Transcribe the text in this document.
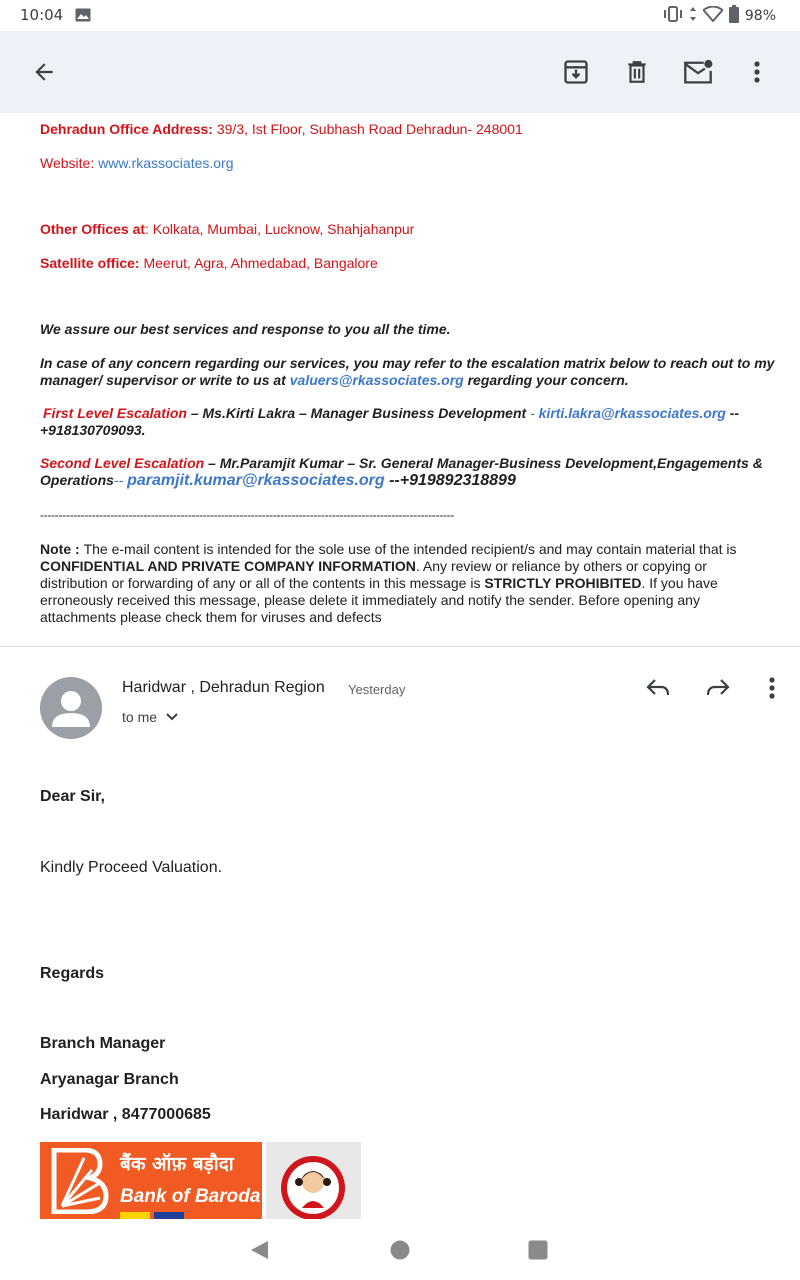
10:04	98%
Dehradun Office Address: 39/3, Ist Floor, Subhash Road Dehradun- 248001
Website: www.rkassociates.org
Other Offices at: Kolkata, Mumbai, Lucknow, Shahjahanpur
Satellite office: Meerut, Agra, Ahmedabad, Bangalore
We assure our best services and response to you all the time.
In case of any concern regarding our services, you may refer to the escalation matrix below to reach out to my
manager/ supervisor or write to us at valuers@rkassociates.org regarding your concern.
First Level Escalation – Ms.Kirti Lakra – Manager Business Development - kirti.lakra@rkassociates.org --
+918130709093.
Second Level Escalation – Mr.Paramjit Kumar – Sr. General Manager-Business Development,Engagements &
Operations-- paramjit.kumar@rkassociates.org --+919892318899
----------------------------------------------------------------------------------------------------------------
Note : The e-mail content is intended for the sole use of the intended recipient/s and may contain material that is
CONFIDENTIAL AND PRIVATE COMPANY INFORMATION. Any review or reliance by others or copying or
distribution or forwarding of any or all of the contents in this message is STRICTLY PROHIBITED. If you have
erroneously received this message, please delete it immediately and notify the sender. Before opening any
attachments please check them for viruses and defects
Haridwar , Dehradun Region Yesterday
to me
Dear Sir,
Kindly Proceed Valuation.
Regards
Branch Manager
Aryanagar Branch
Haridwar , 8477000685
बैंक ऑफ़ बड़ौदा
Bank of Baroda
